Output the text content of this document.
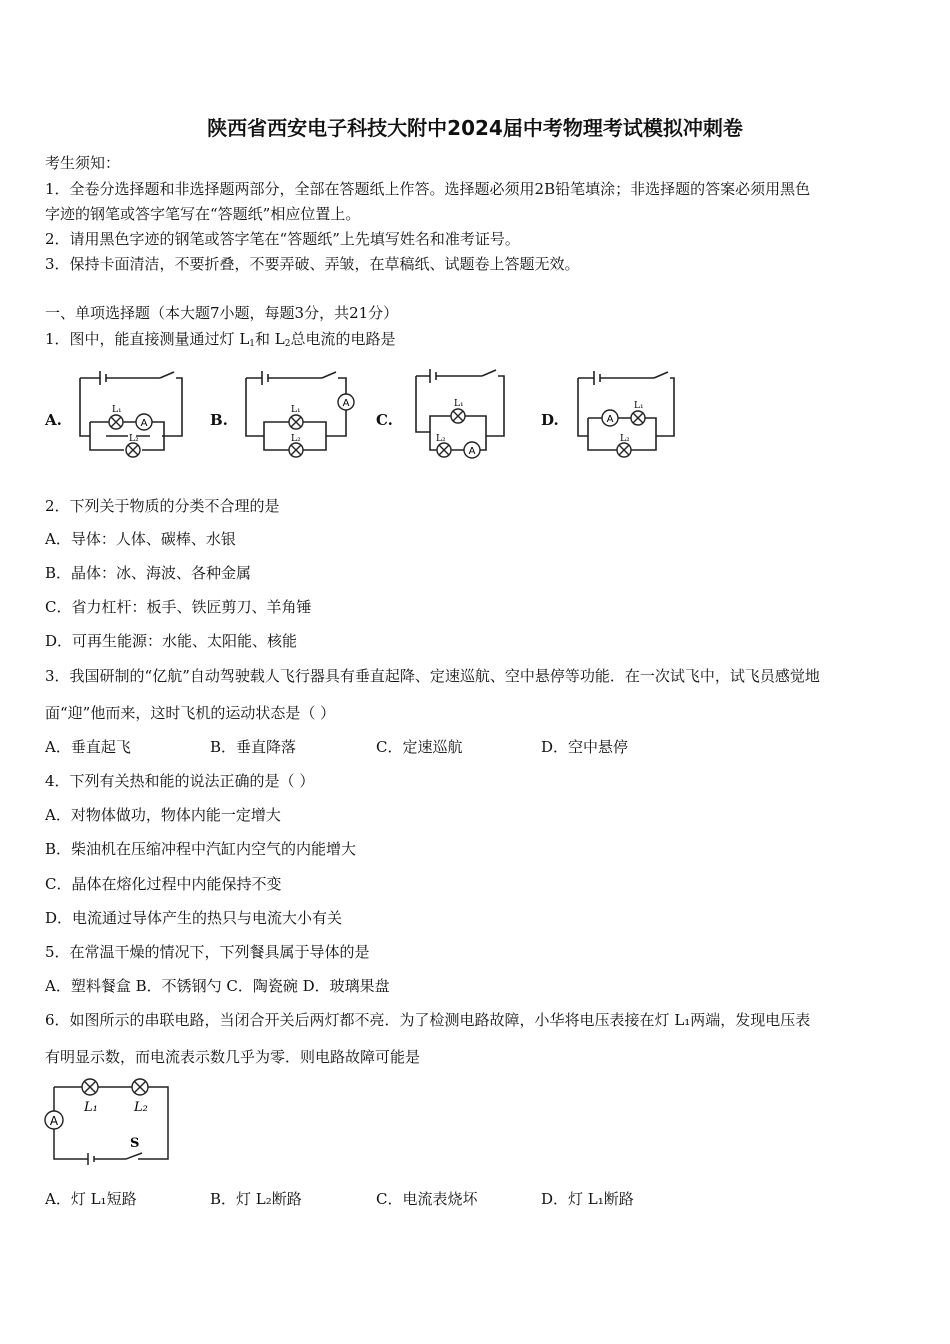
陕西省西安电子科技大附中2024届中考物理考试模拟冲刺卷
考生须知：
1．全卷分选择题和非选择题两部分，全部在答题纸上作答。选择题必须用2B铅笔填涂；非选择题的答案必须用黑色
字迹的钢笔或答字笔写在“答题纸”相应位置上。
2．请用黑色字迹的钢笔或答字笔在“答题纸”上先填写姓名和准考证号。
3．保持卡面清洁，不要折叠，不要弄破、弄皱，在草稿纸、试题卷上答题无效。
一、单项选择题（本大题7小题，每题3分，共21分）
1．图中，能直接测量通过灯 $L_1$和 $L_2$总电流的电路是
A.	B.	C.	D.
A
L₁
L₂
A
L₁
L₂
A
L₁
L₂
A
L₁
L₂
2．下列关于物质的分类不合理的是
A．导体：人体、碳棒、水银
B．晶体：冰、海波、各种金属
C．省力杠杆：板手、铁匠剪刀、羊角锤
D．可再生能源：水能、太阳能、核能
3．我国研制的“亿航”自动驾驶载人飞行器具有垂直起降、定速巡航、空中悬停等功能．在一次试飞中，试飞员感觉地
面“迎”他而来，这时飞机的运动状态是（ ）
A．垂直起飞	B．垂直降落	C．定速巡航	D．空中悬停
4．下列有关热和能的说法正确的是（ ）
A．对物体做功，物体内能一定增大
B．柴油机在压缩冲程中汽缸内空气的内能增大
C．晶体在熔化过程中内能保持不变
D．电流通过导体产生的热只与电流大小有关
5．在常温干燥的情况下，下列餐具属于导体的是
A．塑料餐盒 B．不锈钢勺 C．陶瓷碗 D．玻璃果盘
6．如图所示的串联电路，当闭合开关后两灯都不亮．为了检测电路故障，小华将电压表接在灯 L₁两端，发现电压表
有明显示数，而电流表示数几乎为零．则电路故障可能是
A
L₁	L₂
S
A．灯 L₁短路	B．灯 L₂断路	C．电流表烧坏	D．灯 L₁断路
